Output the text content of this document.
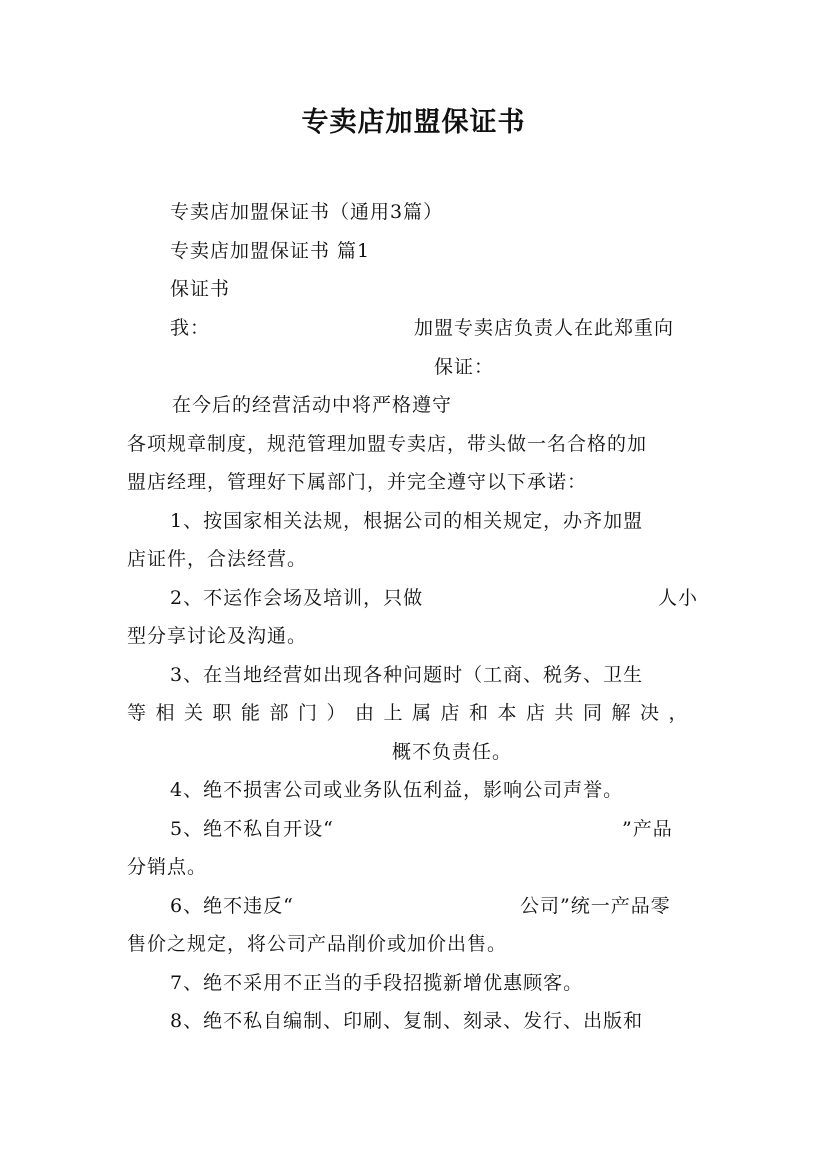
专卖店加盟保证书
专卖店加盟保证书（通用3篇）
专卖店加盟保证书 篇1
保证书
我：	加盟专卖店负责人在此郑重向
保证：
在今后的经营活动中将严格遵守
各项规章制度，规范管理加盟专卖店，带头做一名合格的加
盟店经理，管理好下属部门，并完全遵守以下承诺：
1、按国家相关法规，根据公司的相关规定，办齐加盟
店证件，合法经营。
2、不运作会场及培训，只做	人小
型分享讨论及沟通。
3、在当地经营如出现各种问题时（工商、税务、卫生
等相关职能部门）由上属店和本店共同解决，
概不负责任。
4、绝不损害公司或业务队伍利益，影响公司声誉。
5、绝不私自开设“	”产品
分销点。
6、绝不违反“	公司”统一产品零
售价之规定，将公司产品削价或加价出售。
7、绝不采用不正当的手段招揽新增优惠顾客。
8、绝不私自编制、印刷、复制、刻录、发行、出版和
